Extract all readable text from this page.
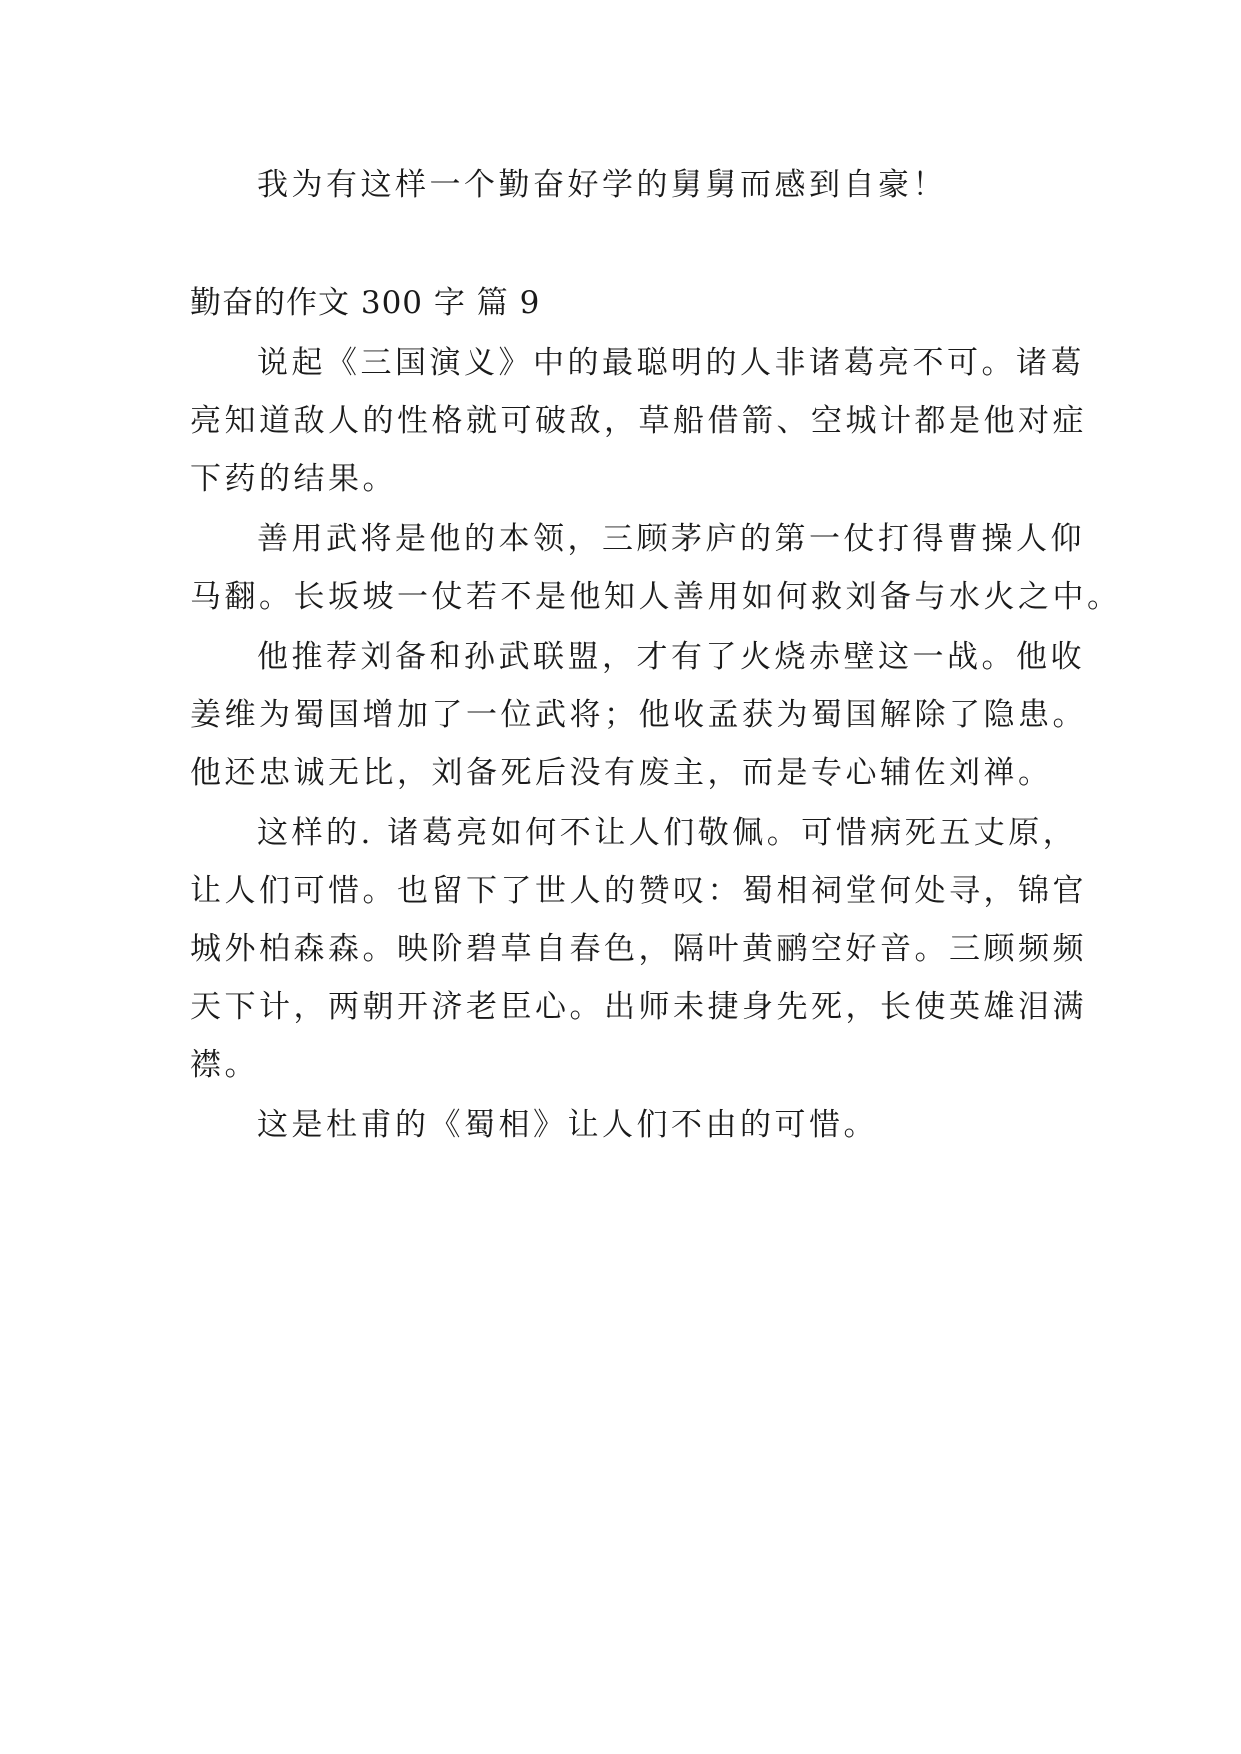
我为有这样一个勤奋好学的舅舅而感到自豪！
勤奋的作文 300 字 篇 9
说起《三国演义》中的最聪明的人非诸葛亮不可。诸葛
亮知道敌人的性格就可破敌，草船借箭、空城计都是他对症
下药的结果。
善用武将是他的本领，三顾茅庐的第一仗打得曹操人仰
马翻。长坂坡一仗若不是他知人善用如何救刘备与水火之中。
他推荐刘备和孙武联盟，才有了火烧赤壁这一战。他收
姜维为蜀国增加了一位武将；他收孟获为蜀国解除了隐患。
他还忠诚无比，刘备死后没有废主，而是专心辅佐刘禅。
这样的. 诸葛亮如何不让人们敬佩。可惜病死五丈原，
让人们可惜。也留下了世人的赞叹：蜀相祠堂何处寻，锦官
城外柏森森。映阶碧草自春色，隔叶黄鹂空好音。三顾频频
天下计，两朝开济老臣心。出师未捷身先死，长使英雄泪满
襟。
这是杜甫的《蜀相》让人们不由的可惜。
